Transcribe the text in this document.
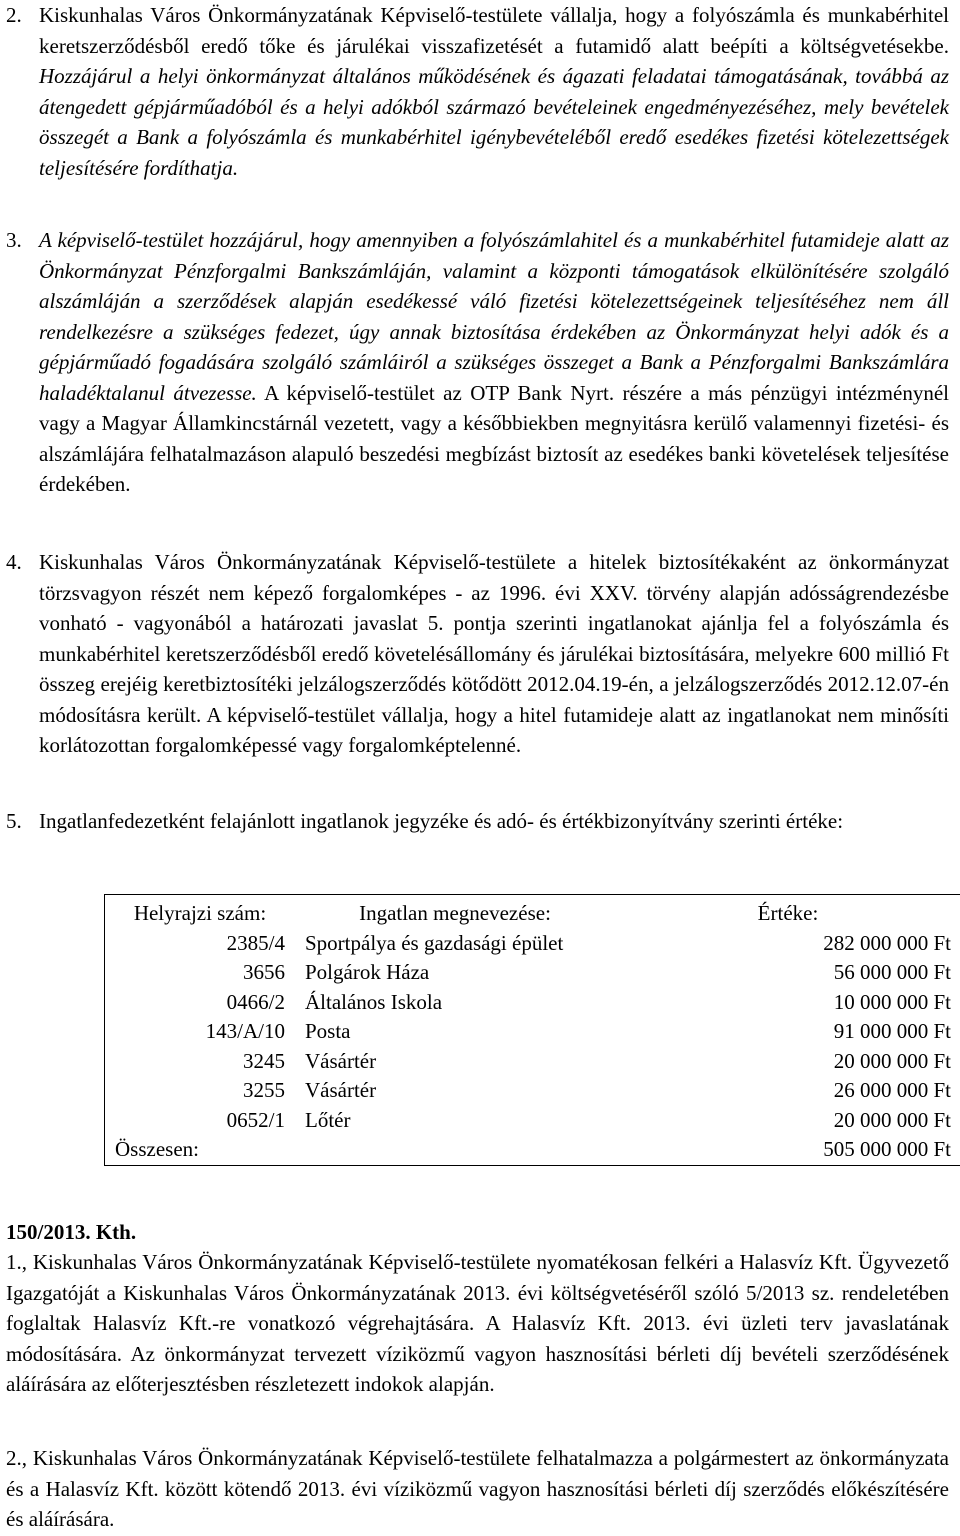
2. Kiskunhalas Város Önkormányzatának Képviselő-testülete vállalja, hogy a folyószámla és munkabérhitel keretszerződésből eredő tőke és járulékai visszafizetését a futamidő alatt beépíti a költségvetésekbe. Hozzájárul a helyi önkormányzat általános működésének és ágazati feladatai támogatásának, továbbá az átengedett gépjárműadóból és a helyi adókból származó bevételeinek engedményezéséhez, mely bevételek összegét a Bank a folyószámla és munkabérhitel igénybevételéből eredő esedékes fizetési kötelezettségek teljesítésére fordíthatja.

3. A képviselő-testület hozzájárul, hogy amennyiben a folyószámlahitel és a munkabérhitel futamideje alatt az Önkormányzat Pénzforgalmi Bankszámláján, valamint a központi támogatások elkülönítésére szolgáló alszámláján a szerződések alapján esedékessé váló fizetési kötelezettségeinek teljesítéséhez nem áll rendelkezésre a szükséges fedezet, úgy annak biztosítása érdekében az Önkormányzat helyi adók és a gépjárműadó fogadására szolgáló számláiról a szükséges összeget a Bank a Pénzforgalmi Bankszámlára haladéktalanul átvezesse. A képviselő-testület az OTP Bank Nyrt. részére a más pénzügyi intézménynél vagy a Magyar Államkincstárnál vezetett, vagy a későbbiekben megnyitásra kerülő valamennyi fizetési- és alszámlájára felhatalmazáson alapuló beszedési megbízást biztosít az esedékes banki követelések teljesítése érdekében.

4. Kiskunhalas Város Önkormányzatának Képviselő-testülete a hitelek biztosítékaként az önkormányzat törzsvagyon részét nem képező forgalomképes - az 1996. évi XXV. törvény alapján adósságrendezésbe vonható - vagyonából a határozati javaslat 5. pontja szerinti ingatlanokat ajánlja fel a folyószámla és munkabérhitel keretszerződésből eredő követelésállomány és járulékai biztosítására, melyekre 600 millió Ft összeg erejéig keretbiztosítéki jelzálogszerződés kötődött 2012.04.19-én, a jelzálogszerződés 2012.12.07-én módosításra került. A képviselő-testület vállalja, hogy a hitel futamideje alatt az ingatlanokat nem minősíti korlátozottan forgalomképessé vagy forgalomképtelenné.

5. Ingatlanfedezetként felajánlott ingatlanok jegyzéke és adó- és értékbizonyítvány szerinti értéke:

Helyrajzi szám:	Ingatlan megnevezése:	Értéke:
2385/4	Sportpálya és gazdasági épület	282 000 000 Ft
3656	Polgárok Háza	56 000 000 Ft
0466/2	Általános Iskola	10 000 000 Ft
143/A/10	Posta	91 000 000 Ft
3245	Vásártér	20 000 000 Ft
3255	Vásártér	26 000 000 Ft
0652/1	Lőtér	20 000 000 Ft
Összesen:		505 000 000 Ft

150/2013. Kth.

1., Kiskunhalas Város Önkormányzatának Képviselő-testülete nyomatékosan felkéri a Halasvíz Kft. Ügyvezető Igazgatóját a Kiskunhalas Város Önkormányzatának 2013. évi költségvetéséről szóló 5/2013 sz. rendeletében foglaltak Halasvíz Kft.-re vonatkozó végrehajtására. A Halasvíz Kft. 2013. évi üzleti terv javaslatának módosítására. Az önkormányzat tervezett víziközmű vagyon hasznosítási bérleti díj bevételi szerződésének aláírására az előterjesztésben részletezett indokok alapján.

2., Kiskunhalas Város Önkormányzatának Képviselő-testülete felhatalmazza a polgármestert az önkormányzata és a Halasvíz Kft. között kötendő 2013. évi víziközmű vagyon hasznosítási bérleti díj szerződés előkészítésére és aláírására.
